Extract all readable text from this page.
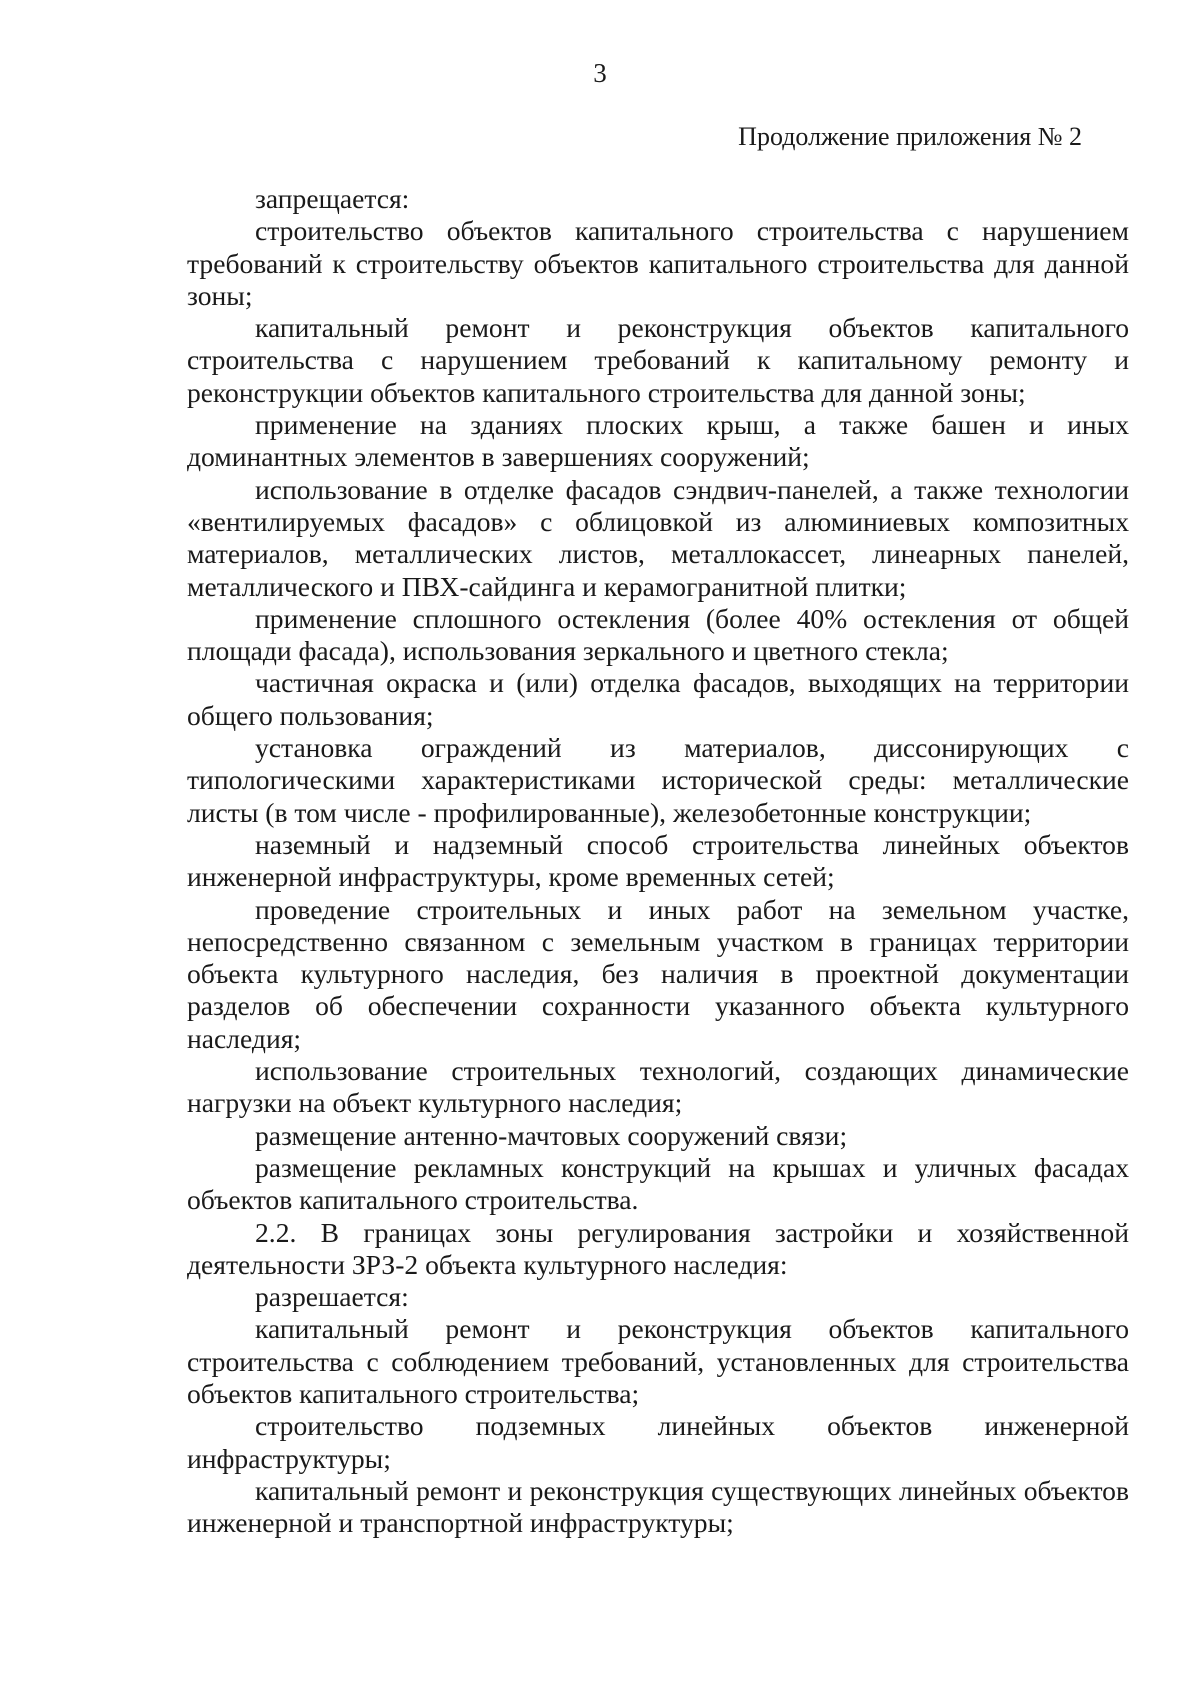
3
Продолжение приложения № 2

запрещается:

строительство объектов капитального строительства с нарушением требований к строительству объектов капитального строительства для данной зоны;

капитальный ремонт и реконструкция объектов капитального строительства с нарушением требований к капитальному ремонту и реконструкции объектов капитального строительства для данной зоны;

применение на зданиях плоских крыш, а также башен и иных доминантных элементов в завершениях сооружений;

использование в отделке фасадов сэндвич-панелей, а также технологии «вентилируемых фасадов» с облицовкой из алюминиевых композитных материалов, металлических листов, металлокассет, линеарных панелей, металлического и ПВХ-сайдинга и керамогранитной плитки;

применение сплошного остекления (более 40% остекления от общей площади фасада), использования зеркального и цветного стекла;

частичная окраска и (или) отделка фасадов, выходящих на территории общего пользования;

установка ограждений из материалов, диссонирующих с типологическими характеристиками исторической среды: металлические листы (в том числе - профилированные), железобетонные конструкции;

наземный и надземный способ строительства линейных объектов инженерной инфраструктуры, кроме временных сетей;

проведение строительных и иных работ на земельном участке, непосредственно связанном с земельным участком в границах территории объекта культурного наследия, без наличия в проектной документации разделов об обеспечении сохранности указанного объекта культурного наследия;

использование строительных технологий, создающих динамические нагрузки на объект культурного наследия;

размещение антенно-мачтовых сооружений связи;

размещение рекламных конструкций на крышах и уличных фасадах объектов капитального строительства.

2.2. В границах зоны регулирования застройки и хозяйственной деятельности ЗРЗ-2 объекта культурного наследия:

разрешается:

капитальный ремонт и реконструкция объектов капитального строительства с соблюдением требований, установленных для строительства объектов капитального строительства;

строительство подземных линейных объектов инженерной инфраструктуры;

капитальный ремонт и реконструкция существующих линейных объектов инженерной и транспортной инфраструктуры;
